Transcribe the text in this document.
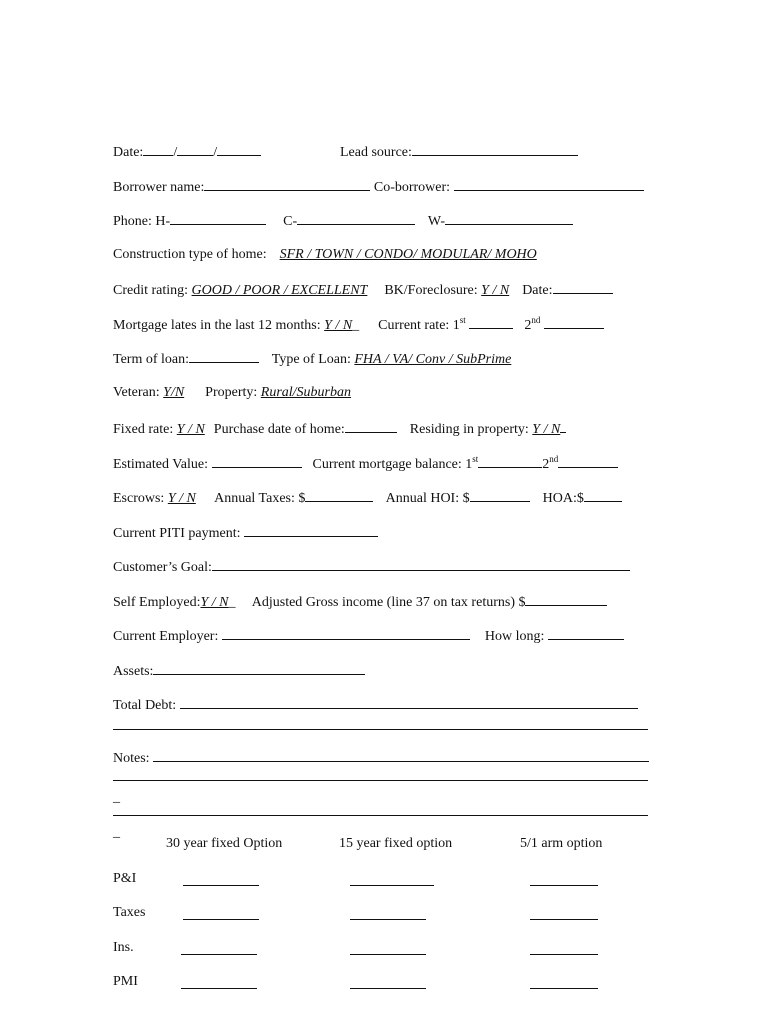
Date: /	/	Lead source:
Borrower name:	Co-borrower:
Phone: H-	C-	W-
Construction type of home: SFR / TOWN / CONDO/ MODULAR/ MOHO
Credit rating: GOOD / POOR / EXCELLENT BK/Foreclosure: Y / N Date:
Mortgage lates in the last 12 months: Y / N_ Current rate: 1st	2nd
Term of loan:	Type of Loan: FHA / VA/ Conv / SubPrime
Veteran: Y/N Property: Rural/Suburban
Fixed rate: Y / N Purchase date of home:	Residing in property: Y / N
Estimated Value:	Current mortgage balance: 1st	2nd
Escrows: Y / N Annual Taxes: $	Annual HOI: $	HOA:$
Current PITI payment:
Customer’s Goal:
Self Employed:Y / N_ Adjusted Gross income (line 37 on tax returns) $
Current Employer:	How long:
Assets:
Total Debt:
Notes:
_
_
30 year fixed Option	15 year fixed option	5/1 arm option
P&I
Taxes
Ins.
PMI
